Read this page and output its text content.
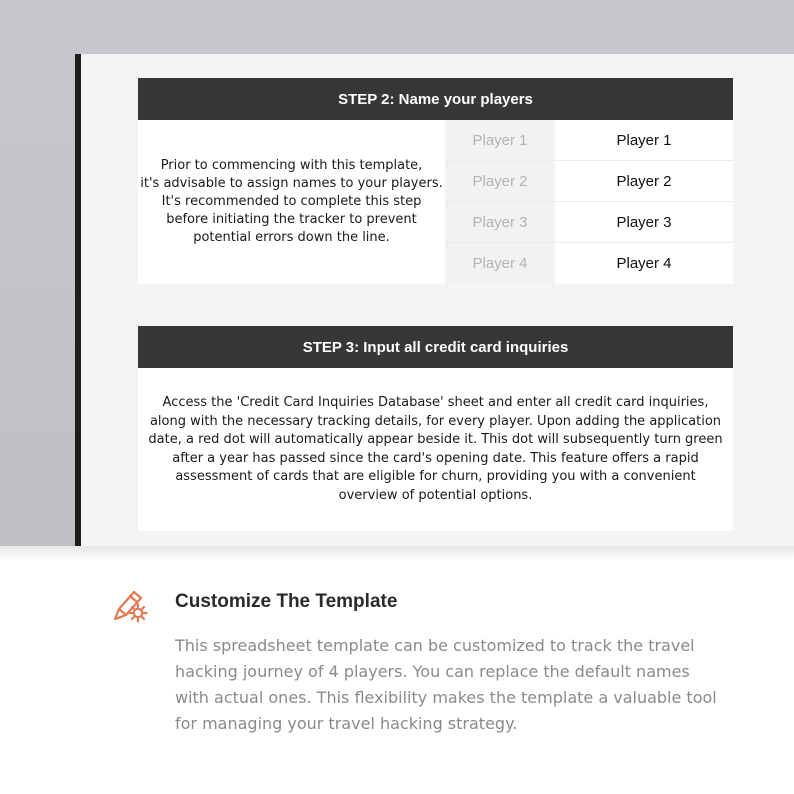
STEP 2: Name your players
Prior to commencing with this template,
it's advisable to assign names to your players.
It's recommended to complete this step
before initiating the tracker to prevent
potential errors down the line.
Player 1	Player 1
Player 2	Player 2
Player 3	Player 3
Player 4	Player 4
STEP 3: Input all credit card inquiries
Access the 'Credit Card Inquiries Database' sheet and enter all credit card inquiries,
along with the necessary tracking details, for every player. Upon adding the application
date, a red dot will automatically appear beside it. This dot will subsequently turn green
after a year has passed since the card's opening date. This feature offers a rapid
assessment of cards that are eligible for churn, providing you with a convenient
overview of potential options.
Customize The Template
This spreadsheet template can be customized to track the travel
hacking journey of 4 players. You can replace the default names
with actual ones. This flexibility makes the template a valuable tool
for managing your travel hacking strategy.
